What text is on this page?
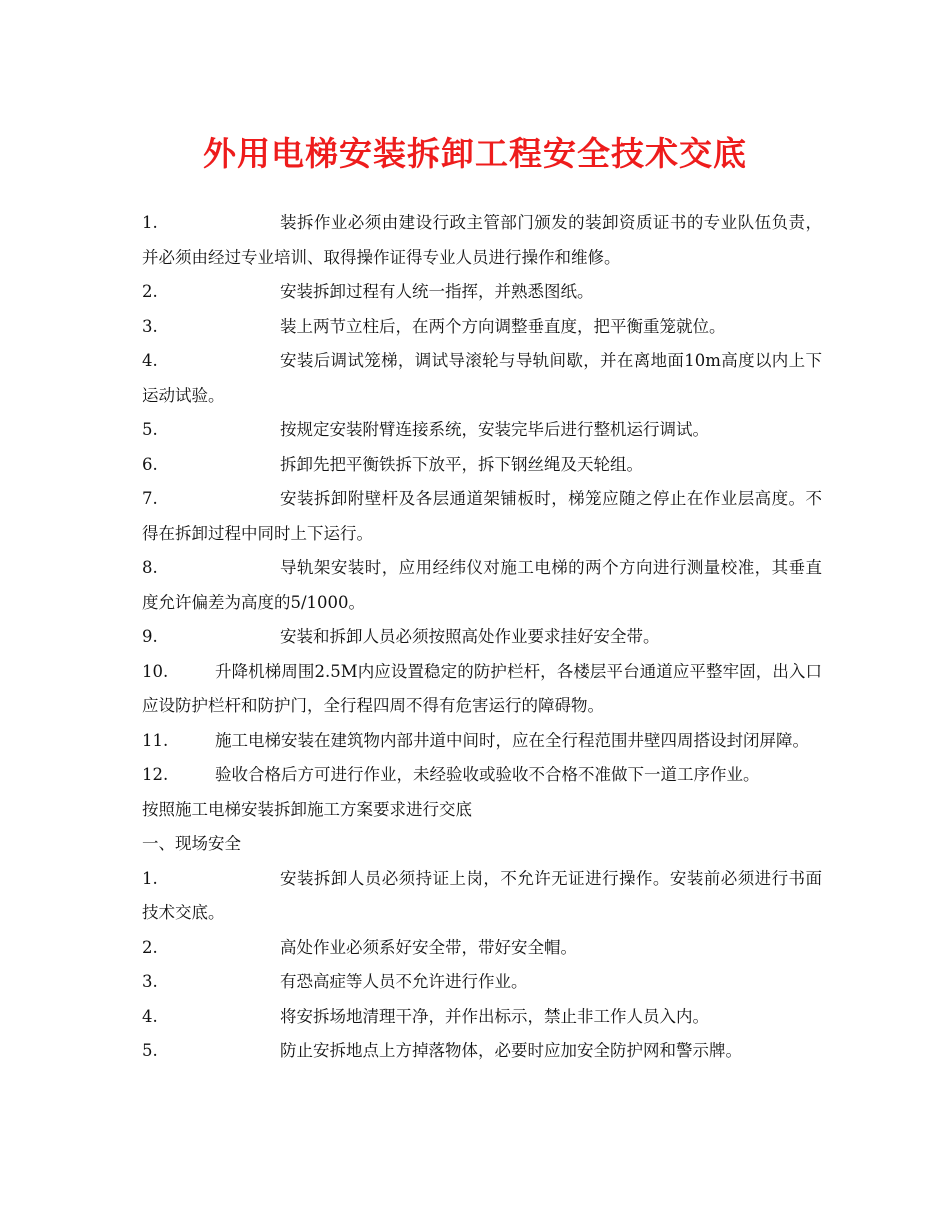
外用电梯安装拆卸工程安全技术交底

1.	装拆作业必须由建设行政主管部门颁发的装卸资质证书的专业队伍负责，并必须由经过专业培训、取得操作证得专业人员进行操作和维修。

2.	安装拆卸过程有人统一指挥，并熟悉图纸。

3.	装上两节立柱后，在两个方向调整垂直度，把平衡重笼就位。

4.	安装后调试笼梯，调试导滚轮与导轨间歇，并在离地面10m高度以内上下运动试验。

5.	按规定安装附臂连接系统，安装完毕后进行整机运行调试。

6.	拆卸先把平衡铁拆下放平，拆下钢丝绳及天轮组。

7.	安装拆卸附壁杆及各层通道架铺板时，梯笼应随之停止在作业层高度。不得在拆卸过程中同时上下运行。

8.	导轨架安装时，应用经纬仪对施工电梯的两个方向进行测量校准，其垂直度允许偏差为高度的5/1000。

9.	安装和拆卸人员必须按照高处作业要求挂好安全带。

10.	升降机梯周围2.5M内应设置稳定的防护栏杆，各楼层平台通道应平整牢固，出入口应设防护栏杆和防护门，全行程四周不得有危害运行的障碍物。

11.	施工电梯安装在建筑物内部井道中间时，应在全行程范围井壁四周搭设封闭屏障。

12.	验收合格后方可进行作业，未经验收或验收不合格不准做下一道工序作业。

按照施工电梯安装拆卸施工方案要求进行交底

一、现场安全

1.	安装拆卸人员必须持证上岗，不允许无证进行操作。安装前必须进行书面技术交底。

2.	高处作业必须系好安全带，带好安全帽。

3.	有恐高症等人员不允许进行作业。

4.	将安拆场地清理干净，并作出标示，禁止非工作人员入内。

5.	防止安拆地点上方掉落物体，必要时应加安全防护网和警示牌。
